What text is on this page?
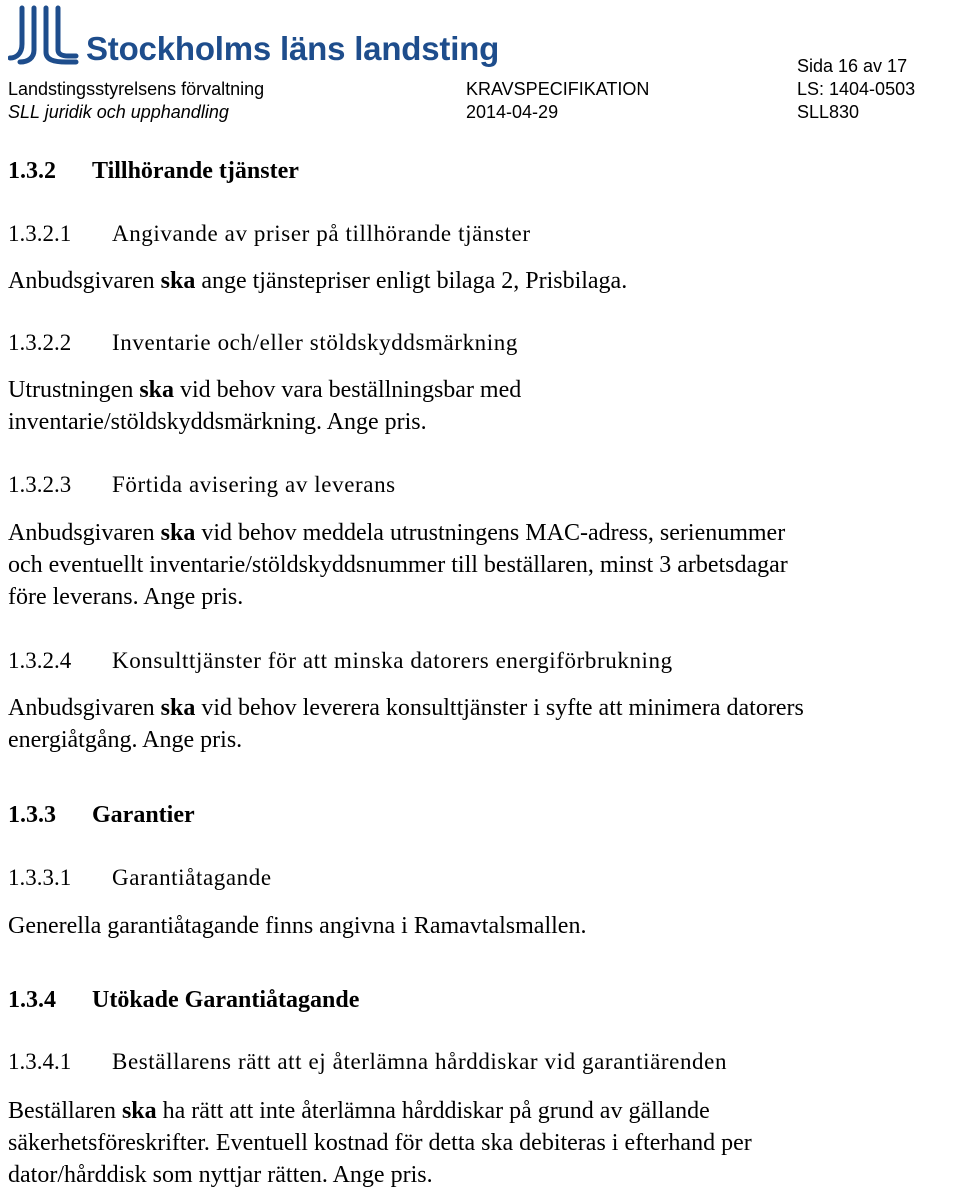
Stockholms läns landsting	Sida 16 av 17
Landstingsstyrelsens förvaltning	KRAVSPECIFIKATION	LS: 1404-0503
SLL juridik och upphandling	2014-04-29	SLL830
1.3.2 Tillhörande tjänster
1.3.2.1 Angivande av priser på tillhörande tjänster
Anbudsgivaren ska ange tjänstepriser enligt bilaga 2, Prisbilaga.
1.3.2.2 Inventarie och/eller stöldskyddsmärkning
Utrustningen ska vid behov vara beställningsbar med
inventarie/stöldskyddsmärkning. Ange pris.
1.3.2.3 Förtida avisering av leverans
Anbudsgivaren ska vid behov meddela utrustningens MAC-adress, serienummer
och eventuellt inventarie/stöldskyddsnummer till beställaren, minst 3 arbetsdagar
före leverans. Ange pris.
1.3.2.4 Konsulttjänster för att minska datorers energiförbrukning
Anbudsgivaren ska vid behov leverera konsulttjänster i syfte att minimera datorers
energiåtgång. Ange pris.
1.3.3 Garantier
1.3.3.1 Garantiåtagande
Generella garantiåtagande finns angivna i Ramavtalsmallen.
1.3.4 Utökade Garantiåtagande
1.3.4.1 Beställarens rätt att ej återlämna hårddiskar vid garantiärenden
Beställaren ska ha rätt att inte återlämna hårddiskar på grund av gällande
säkerhetsföreskrifter. Eventuell kostnad för detta ska debiteras i efterhand per
dator/hårddisk som nyttjar rätten. Ange pris.
